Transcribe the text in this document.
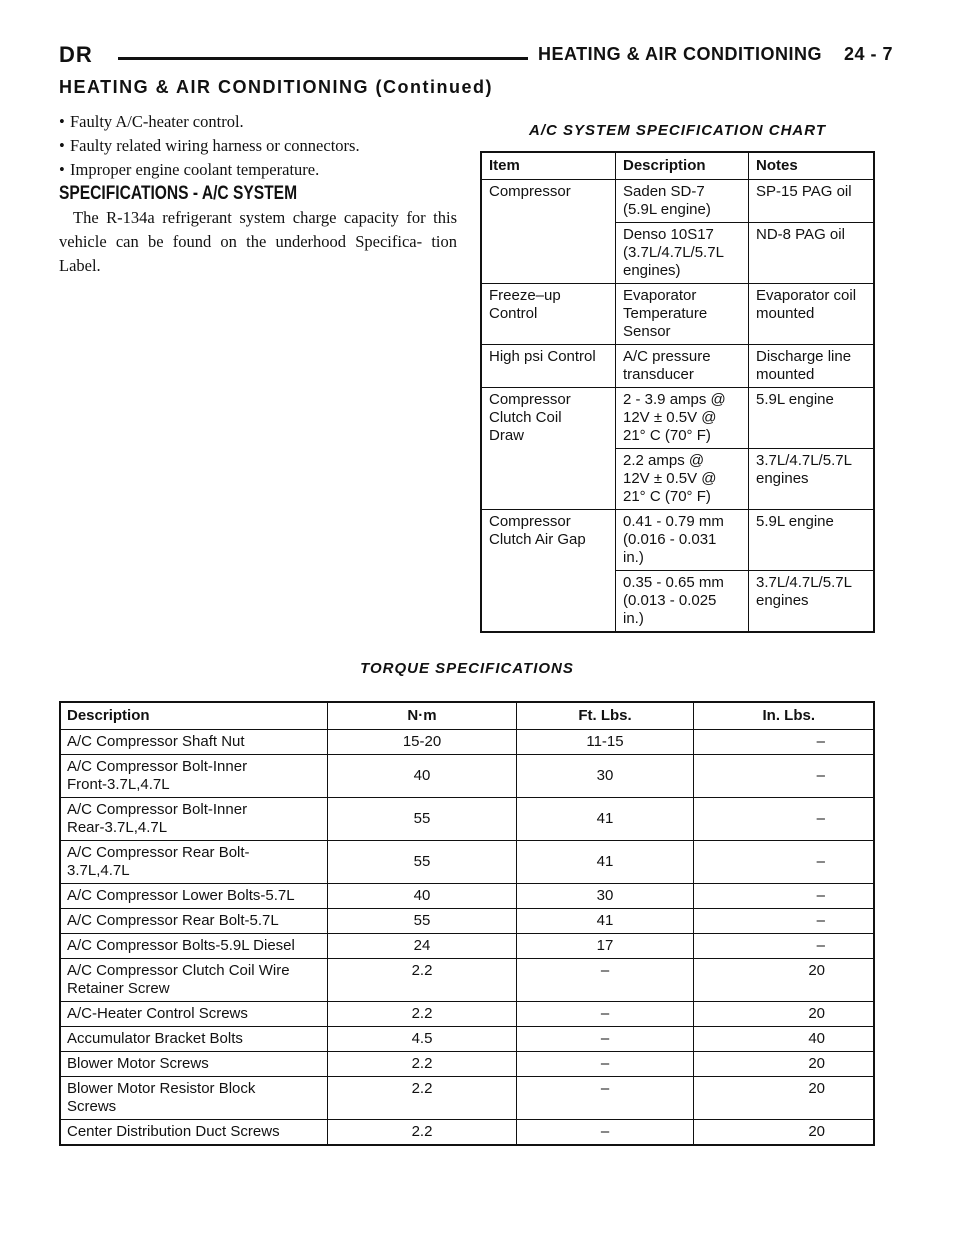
DR	HEATING & AIR CONDITIONING 24 - 7
HEATING & AIR CONDITIONING (Continued)
• Faulty A/C-heater control.
• Faulty related wiring harness or connectors.
• Improper engine coolant temperature.
SPECIFICATIONS - A/C SYSTEM

The R-134a refrigerant system charge capacity for this vehicle can be found on the underhood Specifica- tion Label.

A/C SYSTEM SPECIFICATION CHART
Item	Description	Notes
Compressor	Saden SD-7
(5.9L engine)	SP-15 PAG oil
	Denso 10S17
(3.7L/4.7L/5.7L
engines)	ND-8 PAG oil
Freeze–up
Control	Evaporator
Temperature
Sensor	Evaporator coil
mounted
High psi Control	A/C pressure
transducer	Discharge line
mounted
Compressor
Clutch Coil
Draw	2 - 3.9 amps @
12V ± 0.5V @
21° C (70° F)	5.9L engine
	2.2 amps @
12V ± 0.5V @
21° C (70° F)	3.7L/4.7L/5.7L
engines
Compressor
Clutch Air Gap	0.41 - 0.79 mm
(0.016 - 0.031
in.)	5.9L engine
	0.35 - 0.65 mm
(0.013 - 0.025
in.)	3.7L/4.7L/5.7L
engines
TORQUE SPECIFICATIONS
Description	N·m	Ft. Lbs.	In. Lbs.
A/C Compressor Shaft Nut	15-20	11-15	–
A/C Compressor Bolt-Inner
Front-3.7L,4.7L	40	30	–
A/C Compressor Bolt-Inner
Rear-3.7L,4.7L	55	41	–
A/C Compressor Rear Bolt-
3.7L,4.7L	55	41	–
A/C Compressor Lower Bolts-5.7L	40	30	–
A/C Compressor Rear Bolt-5.7L	55	41	–
A/C Compressor Bolts-5.9L Diesel	24	17	–
A/C Compressor Clutch Coil Wire
Retainer Screw	2.2	–	20
A/C-Heater Control Screws	2.2	–	20
Accumulator Bracket Bolts	4.5	–	40
Blower Motor Screws	2.2	–	20
Blower Motor Resistor Block
Screws	2.2	–	20
Center Distribution Duct Screws	2.2	–	20
